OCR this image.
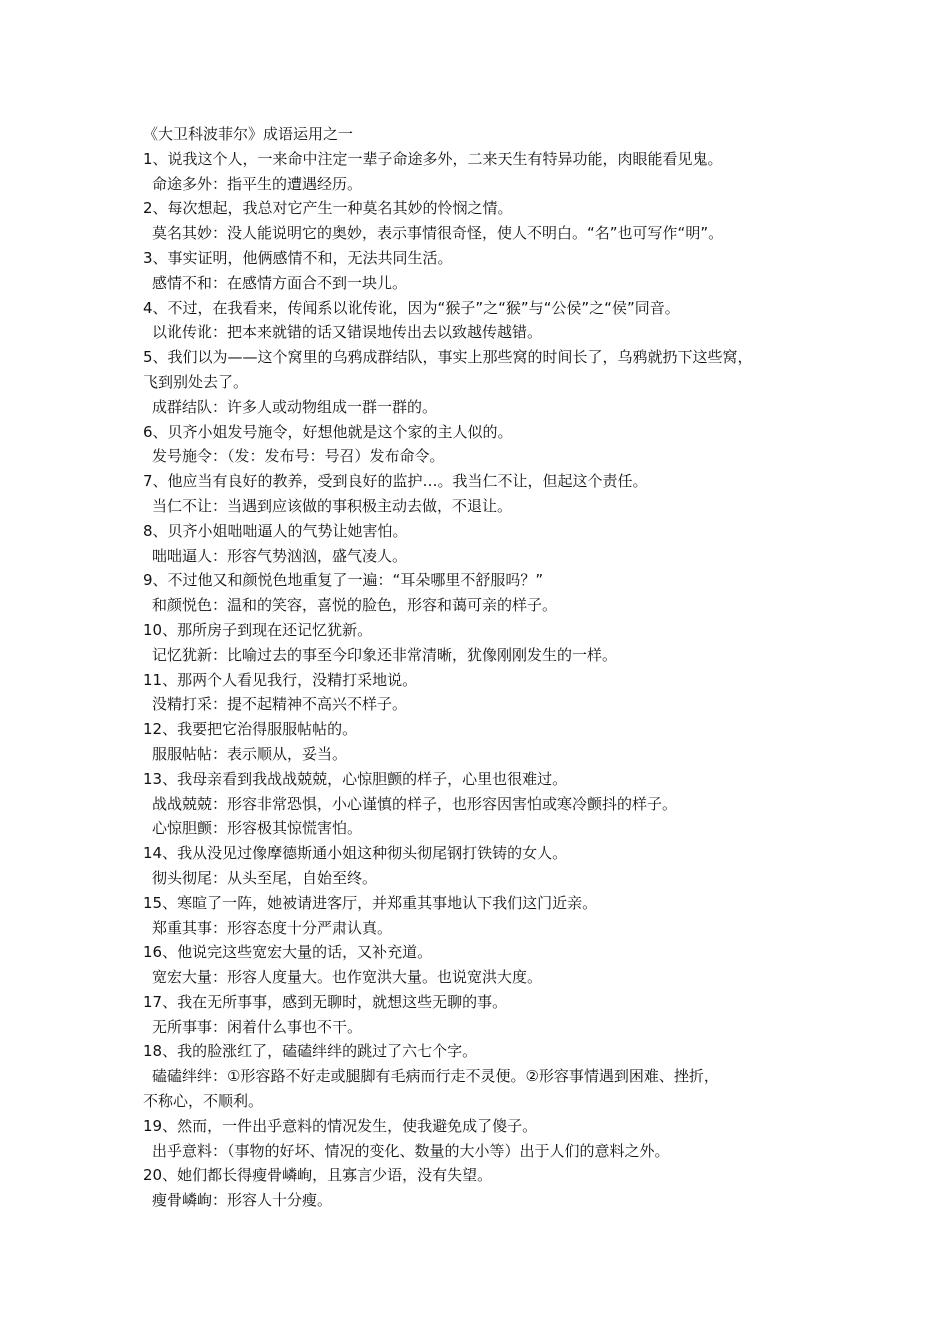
《大卫科波菲尔》成语运用之一
1、说我这个人，一来命中注定一辈子命途多外，二来天生有特异功能，肉眼能看见鬼。
命途多外：指平生的遭遇经历。
2、每次想起，我总对它产生一种莫名其妙的怜悯之情。
莫名其妙：没人能说明它的奥妙，表示事情很奇怪，使人不明白。“名”也可写作“明”。
3、事实证明，他俩感情不和，无法共同生活。
感情不和：在感情方面合不到一块儿。
4、不过，在我看来，传闻系以讹传讹，因为“猴子”之“猴”与“公侯”之“侯”同音。
以讹传讹：把本来就错的话又错误地传出去以致越传越错。
5、我们以为——这个窝里的乌鸦成群结队，事实上那些窝的时间长了，乌鸦就扔下这些窝，
飞到别处去了。
成群结队：许多人或动物组成一群一群的。
6、贝齐小姐发号施令，好想他就是这个家的主人似的。
发号施令：（发：发布号：号召）发布命令。
7、他应当有良好的教养，受到良好的监护…。我当仁不让，但起这个责任。
当仁不让：当遇到应该做的事积极主动去做，不退让。
8、贝齐小姐咄咄逼人的气势让她害怕。
咄咄逼人：形容气势汹汹，盛气凌人。
9、不过他又和颜悦色地重复了一遍：“耳朵哪里不舒服吗？”
和颜悦色：温和的笑容，喜悦的脸色，形容和蔼可亲的样子。
10、那所房子到现在还记忆犹新。
记忆犹新：比喻过去的事至今印象还非常清晰，犹像刚刚发生的一样。
11、那两个人看见我行，没精打采地说。
没精打采：提不起精神不高兴不样子。
12、我要把它治得服服帖帖的。
服服帖帖：表示顺从，妥当。
13、我母亲看到我战战兢兢，心惊胆颤的样子，心里也很难过。
战战兢兢：形容非常恐惧，小心谨慎的样子，也形容因害怕或寒冷颤抖的样子。
心惊胆颤：形容极其惊慌害怕。
14、我从没见过像摩德斯通小姐这种彻头彻尾钢打铁铸的女人。
彻头彻尾：从头至尾，自始至终。
15、寒暄了一阵，她被请进客厅，并郑重其事地认下我们这门近亲。
郑重其事：形容态度十分严肃认真。
16、他说完这些宽宏大量的话，又补充道。
宽宏大量：形容人度量大。也作宽洪大量。也说宽洪大度。
17、我在无所事事，感到无聊时，就想这些无聊的事。
无所事事：闲着什么事也不干。
18、我的脸涨红了，磕磕绊绊的跳过了六七个字。
磕磕绊绊：①形容路不好走或腿脚有毛病而行走不灵便。②形容事情遇到困难、挫折，
不称心，不顺利。
19、然而，一件出乎意料的情况发生，使我避免成了傻子。
出乎意料：（事物的好坏、情况的变化、数量的大小等）出于人们的意料之外。
20、她们都长得瘦骨嶙峋，且寡言少语，没有失望。
瘦骨嶙峋：形容人十分瘦。
